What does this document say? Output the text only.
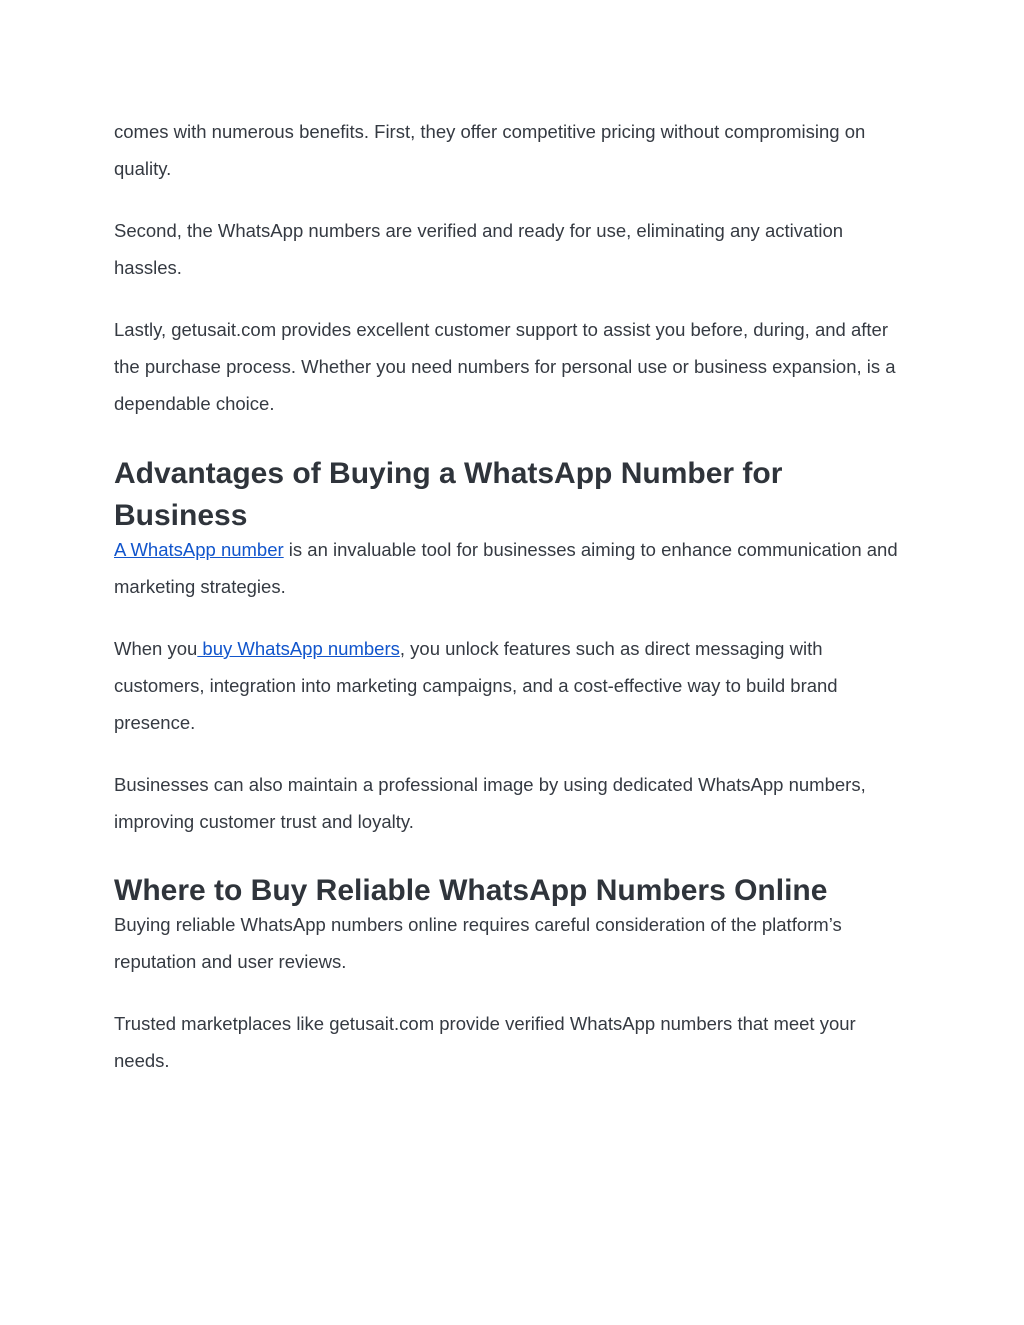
comes with numerous benefits. First, they offer competitive pricing without compromising on quality.

Second, the WhatsApp numbers are verified and ready for use, eliminating any activation hassles.

Lastly, getusait.com provides excellent customer support to assist you before, during, and after the purchase process. Whether you need numbers for personal use or business expansion, is a dependable choice.

Advantages of Buying a WhatsApp Number for Business

A WhatsApp number is an invaluable tool for businesses aiming to enhance communication and marketing strategies.

When you buy WhatsApp numbers, you unlock features such as direct messaging with customers, integration into marketing campaigns, and a cost-effective way to build brand presence.

Businesses can also maintain a professional image by using dedicated WhatsApp numbers, improving customer trust and loyalty.

Where to Buy Reliable WhatsApp Numbers Online

Buying reliable WhatsApp numbers online requires careful consideration of the platform’s reputation and user reviews.

Trusted marketplaces like getusait.com provide verified WhatsApp numbers that meet your needs.
